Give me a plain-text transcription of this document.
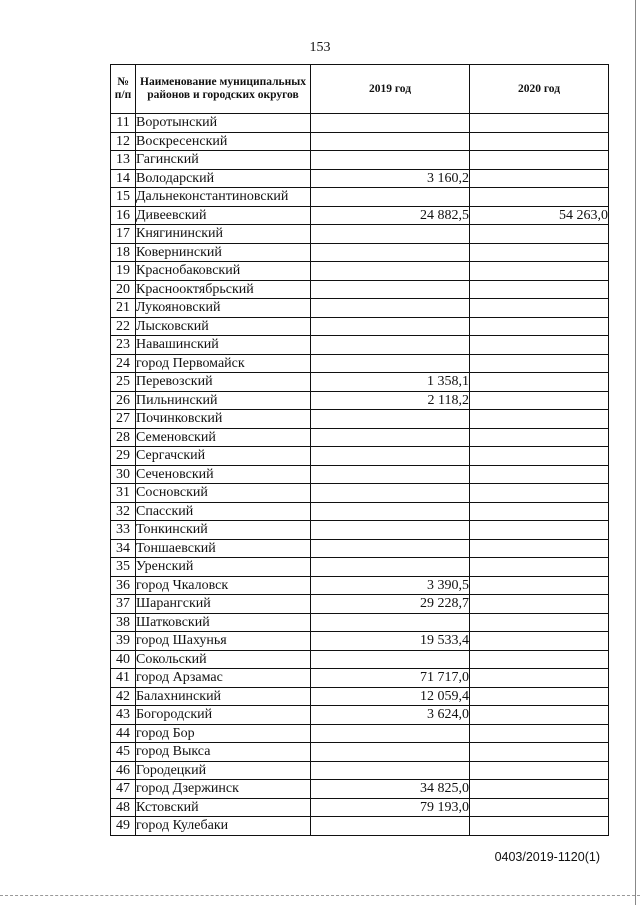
153
№ п/п	Наименование муниципальных районов и городских округов	2019 год	2020 год
11	Воротынский		
12	Воскресенский		
13	Гагинский		
14	Володарский	3 160,2	
15	Дальнеконстантиновский		
16	Дивеевский	24 882,5	54 263,0
17	Княгининский		
18	Ковернинский		
19	Краснобаковский		
20	Краснооктябрьский		
21	Лукояновский		
22	Лысковский		
23	Навашинский		
24	город Первомайск		
25	Перевозский	1 358,1	
26	Пильнинский	2 118,2	
27	Починковский		
28	Семеновский		
29	Сергачский		
30	Сеченовский		
31	Сосновский		
32	Спасский		
33	Тонкинский		
34	Тоншаевский		
35	Уренский		
36	город Чкаловск	3 390,5	
37	Шарангский	29 228,7	
38	Шатковский		
39	город Шахунья	19 533,4	
40	Сокольский		
41	город Арзамас	71 717,0	
42	Балахнинский	12 059,4	
43	Богородский	3 624,0	
44	город Бор		
45	город Выкса		
46	Городецкий		
47	город Дзержинск	34 825,0	
48	Кстовский	79 193,0	
49	город Кулебаки		
0403/2019-1120(1)
